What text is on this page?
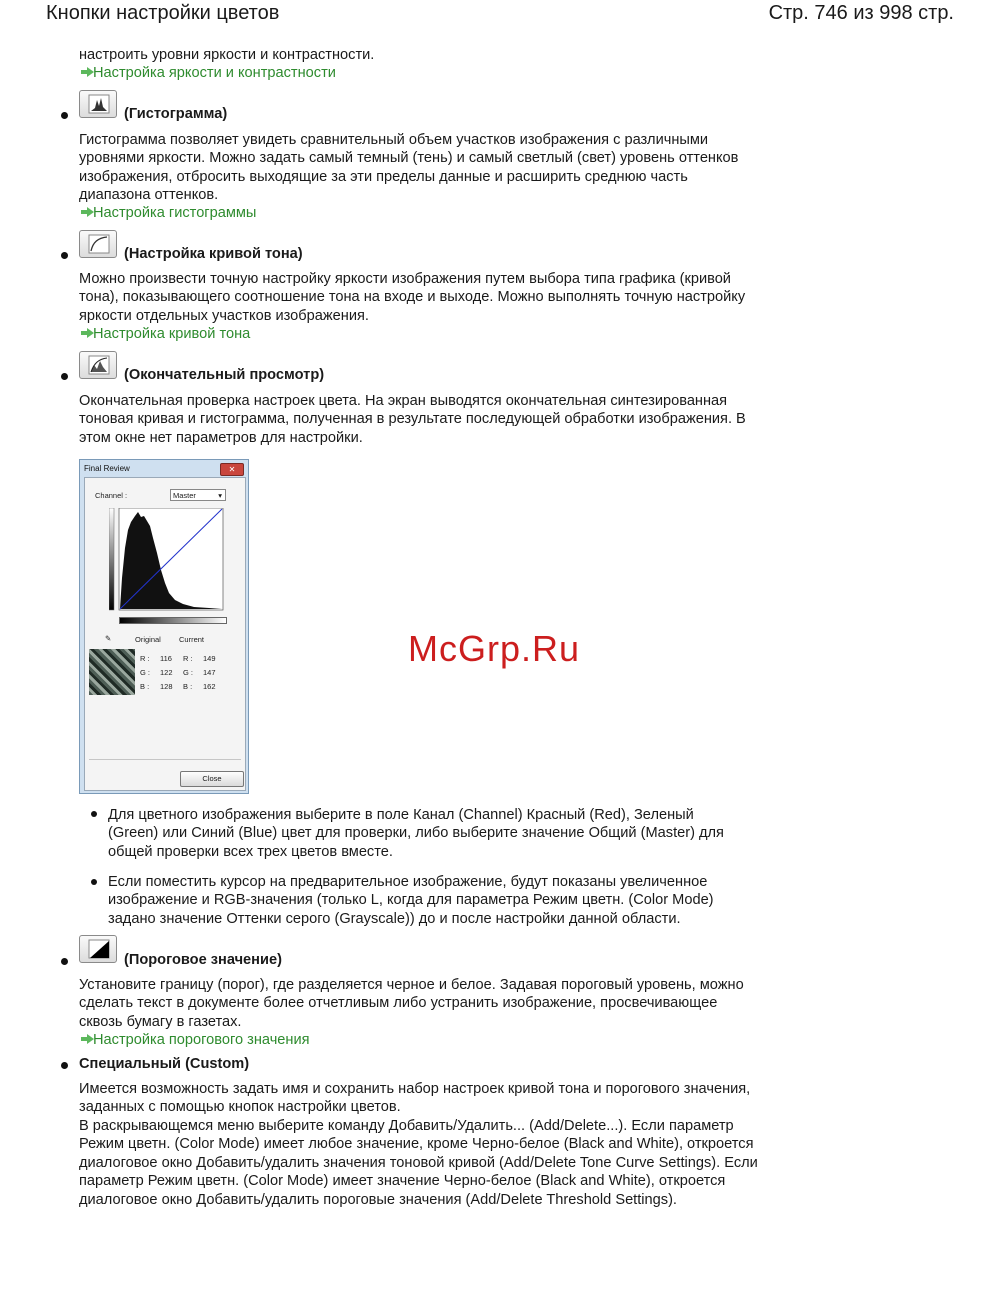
Кнопки настройки цветов	Стр. 746 из 998 стр.
настроить уровни яркости и контрастности.
Настройка яркости и контрастности
(Гистограмма)
Гистограмма позволяет увидеть сравнительный объем участков изображения с различными уровнями яркости. Можно задать самый темный (тень) и самый светлый (свет) уровень оттенков изображения, отбросить выходящие за эти пределы данные и расширить среднюю часть диапазона оттенков.
Настройка гистограммы
(Настройка кривой тона)
Можно произвести точную настройку яркости изображения путем выбора типа графика (кривой тона), показывающего соотношение тона на входе и выходе. Можно выполнять точную настройку яркости отдельных участков изображения.
Настройка кривой тона
(Окончательный просмотр)
Окончательная проверка настроек цвета. На экран выводятся окончательная синтезированная тоновая кривая и гистограмма, полученная в результате последующей обработки изображения. В этом окне нет параметров для настройки.
Final Review	✕
Channel :	Master	▾
✎	Original Current
R : 116 R : 149
G : 122 G : 147
B : 128 B : 162
Close
Для цветного изображения выберите в поле Канал (Channel) Красный (Red), Зеленый (Green) или Синий (Blue) цвет для проверки, либо выберите значение Общий (Master) для общей проверки всех трех цветов вместе.
Если поместить курсор на предварительное изображение, будут показаны увеличенное изображение и RGB-значения (только L, когда для параметра Режим цветн. (Color Mode) задано значение Оттенки серого (Grayscale)) до и после настройки данной области.
(Пороговое значение)
Установите границу (порог), где разделяется черное и белое. Задавая пороговый уровень, можно сделать текст в документе более отчетливым либо устранить изображение, просвечивающее сквозь бумагу в газетах.
Настройка порогового значения
Специальный (Custom)
Имеется возможность задать имя и сохранить набор настроек кривой тона и порогового значения, заданных с помощью кнопок настройки цветов.
В раскрывающемся меню выберите команду Добавить/Удалить... (Add/Delete...). Если параметр Режим цветн. (Color Mode) имеет любое значение, кроме Черно-белое (Black and White), откроется диалоговое окно Добавить/удалить значения тоновой кривой (Add/Delete Tone Curve Settings). Если параметр Режим цветн. (Color Mode) имеет значение Черно-белое (Black and White), откроется диалоговое окно Добавить/удалить пороговые значения (Add/Delete Threshold Settings).
McGrp.Ru
